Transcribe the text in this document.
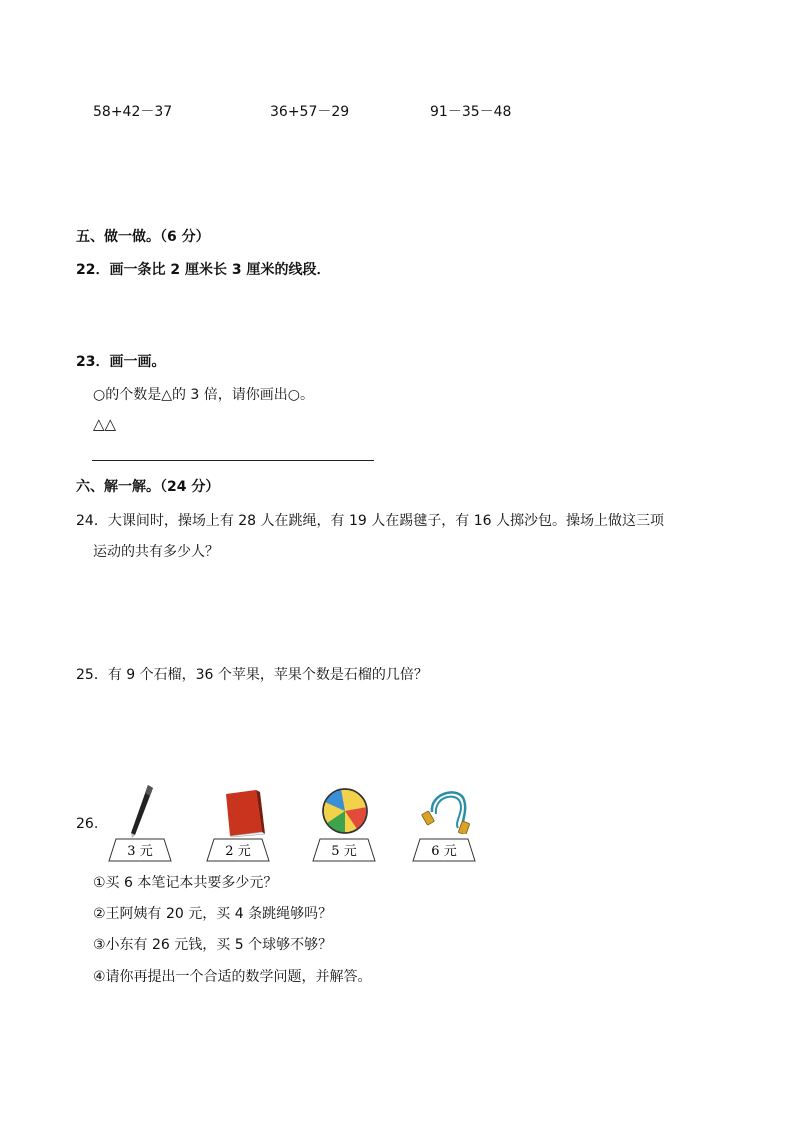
58+42－37	36+57－29	91－35－48
五、做一做。（6 分）
22．画一条比 2 厘米长 3 厘米的线段．
23．画一画。
○的个数是△的 3 倍，请你画出○。
△△
六、解一解。（24 分）
24．大课间时，操场上有 28 人在跳绳，有 19 人在踢毽子，有 16 人掷沙包。操场上做这三项
运动的共有多少人？
25．有 9 个石榴，36 个苹果，苹果个数是石榴的几倍？
26.
3 元	2 元	5 元	6 元
①买 6 本笔记本共要多少元？
②王阿姨有 20 元，买 4 条跳绳够吗？
③小东有 26 元钱，买 5 个球够不够？
④请你再提出一个合适的数学问题，并解答。
